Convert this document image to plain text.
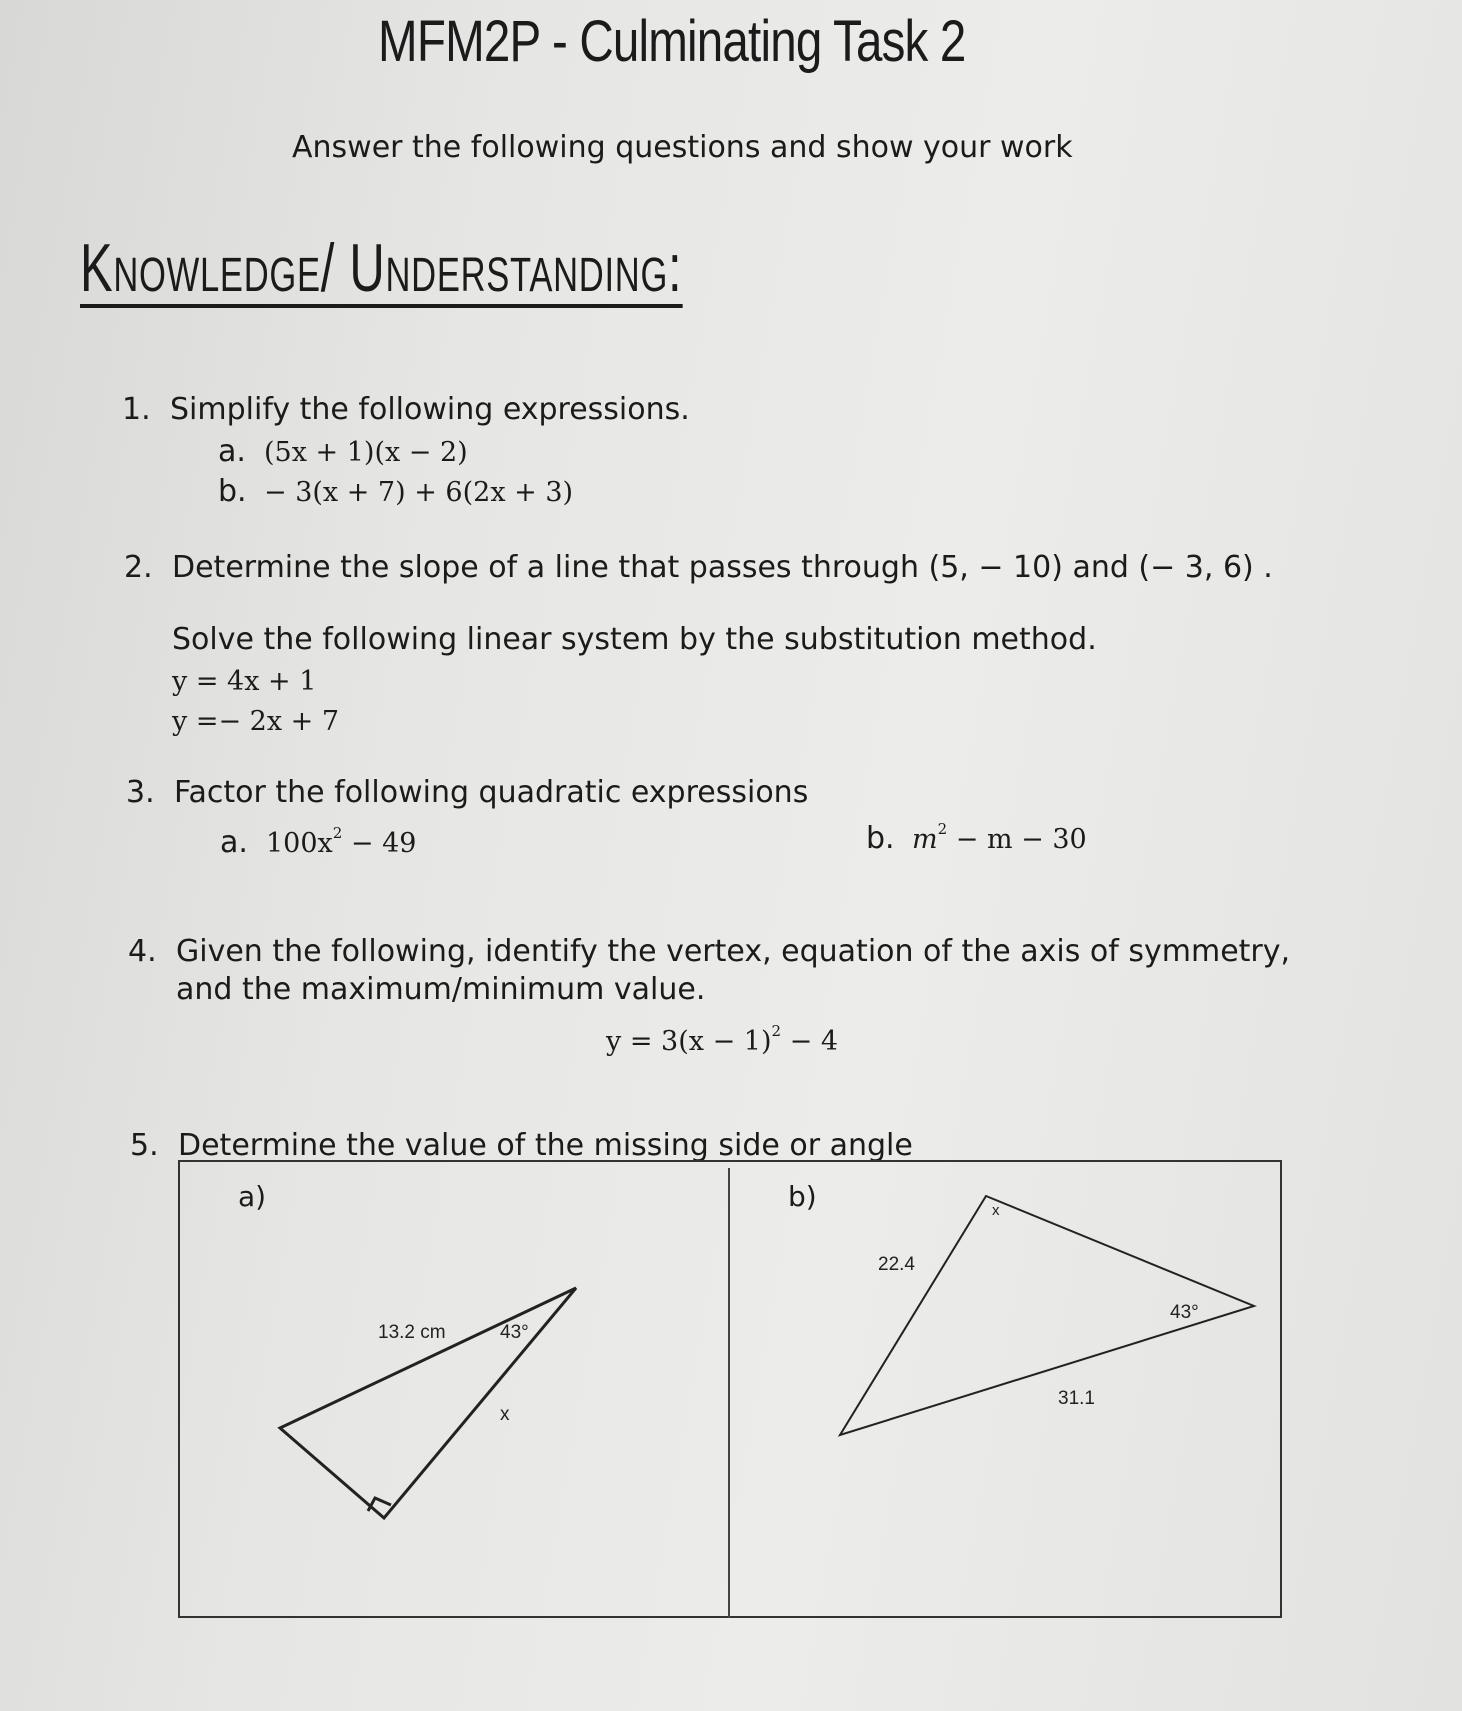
MFM2P - Culminating Task 2
Answer the following questions and show your work
Knowledge/ Understanding:
1. Simplify the following expressions.
a. (5x + 1)(x − 2)
b. − 3(x + 7) + 6(2x + 3)
2. Determine the slope of a line that passes through (5, − 10) and (− 3, 6) .
Solve the following linear system by the substitution method.
y = 4x + 1
y =− 2x + 7
3. Factor the following quadratic expressions
a. $100x^2 - 49$	b. $m^2 - m - 30$
4. Given the following, identify the vertex, equation of the axis of symmetry,
and the maximum/minimum value.
$y = 3(x - 1)^2 - 4$
5. Determine the value of the missing side or angle
a)	b)
13.2 cm	43°
x
x
22.4
43°
31.1
